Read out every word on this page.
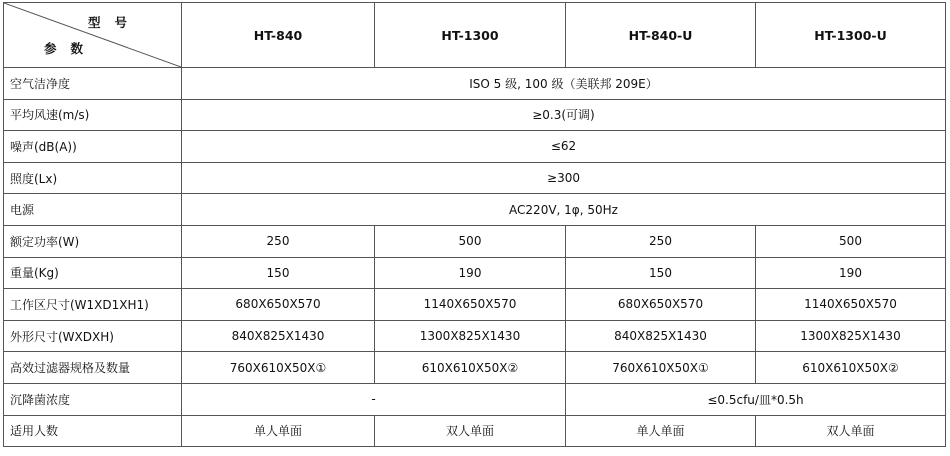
型号
参数	HT-840	HT-1300	HT-840-U	HT-1300-U
空气洁净度	ISO 5 级, 100 级（美联邦 209E）			
平均风速(m/s)	≥0.3(可调)			
噪声(dB(A))	≤62			
照度(Lx)	≥300			
电源	AC220V, 1φ, 50Hz			
额定功率(W)	250	500	250	500
重量(Kg)	150	190	150	190
工作区尺寸(W1XD1XH1)	680X650X570	1140X650X570	680X650X570	1140X650X570
外形尺寸(WXDXH)	840X825X1430	1300X825X1430	840X825X1430	1300X825X1430
高效过滤器规格及数量	760X610X50X①	610X610X50X②	760X610X50X①	610X610X50X②
沉降菌浓度	-		≤0.5cfu/皿*0.5h	
适用人数	单人单面	双人单面	单人单面	双人单面
